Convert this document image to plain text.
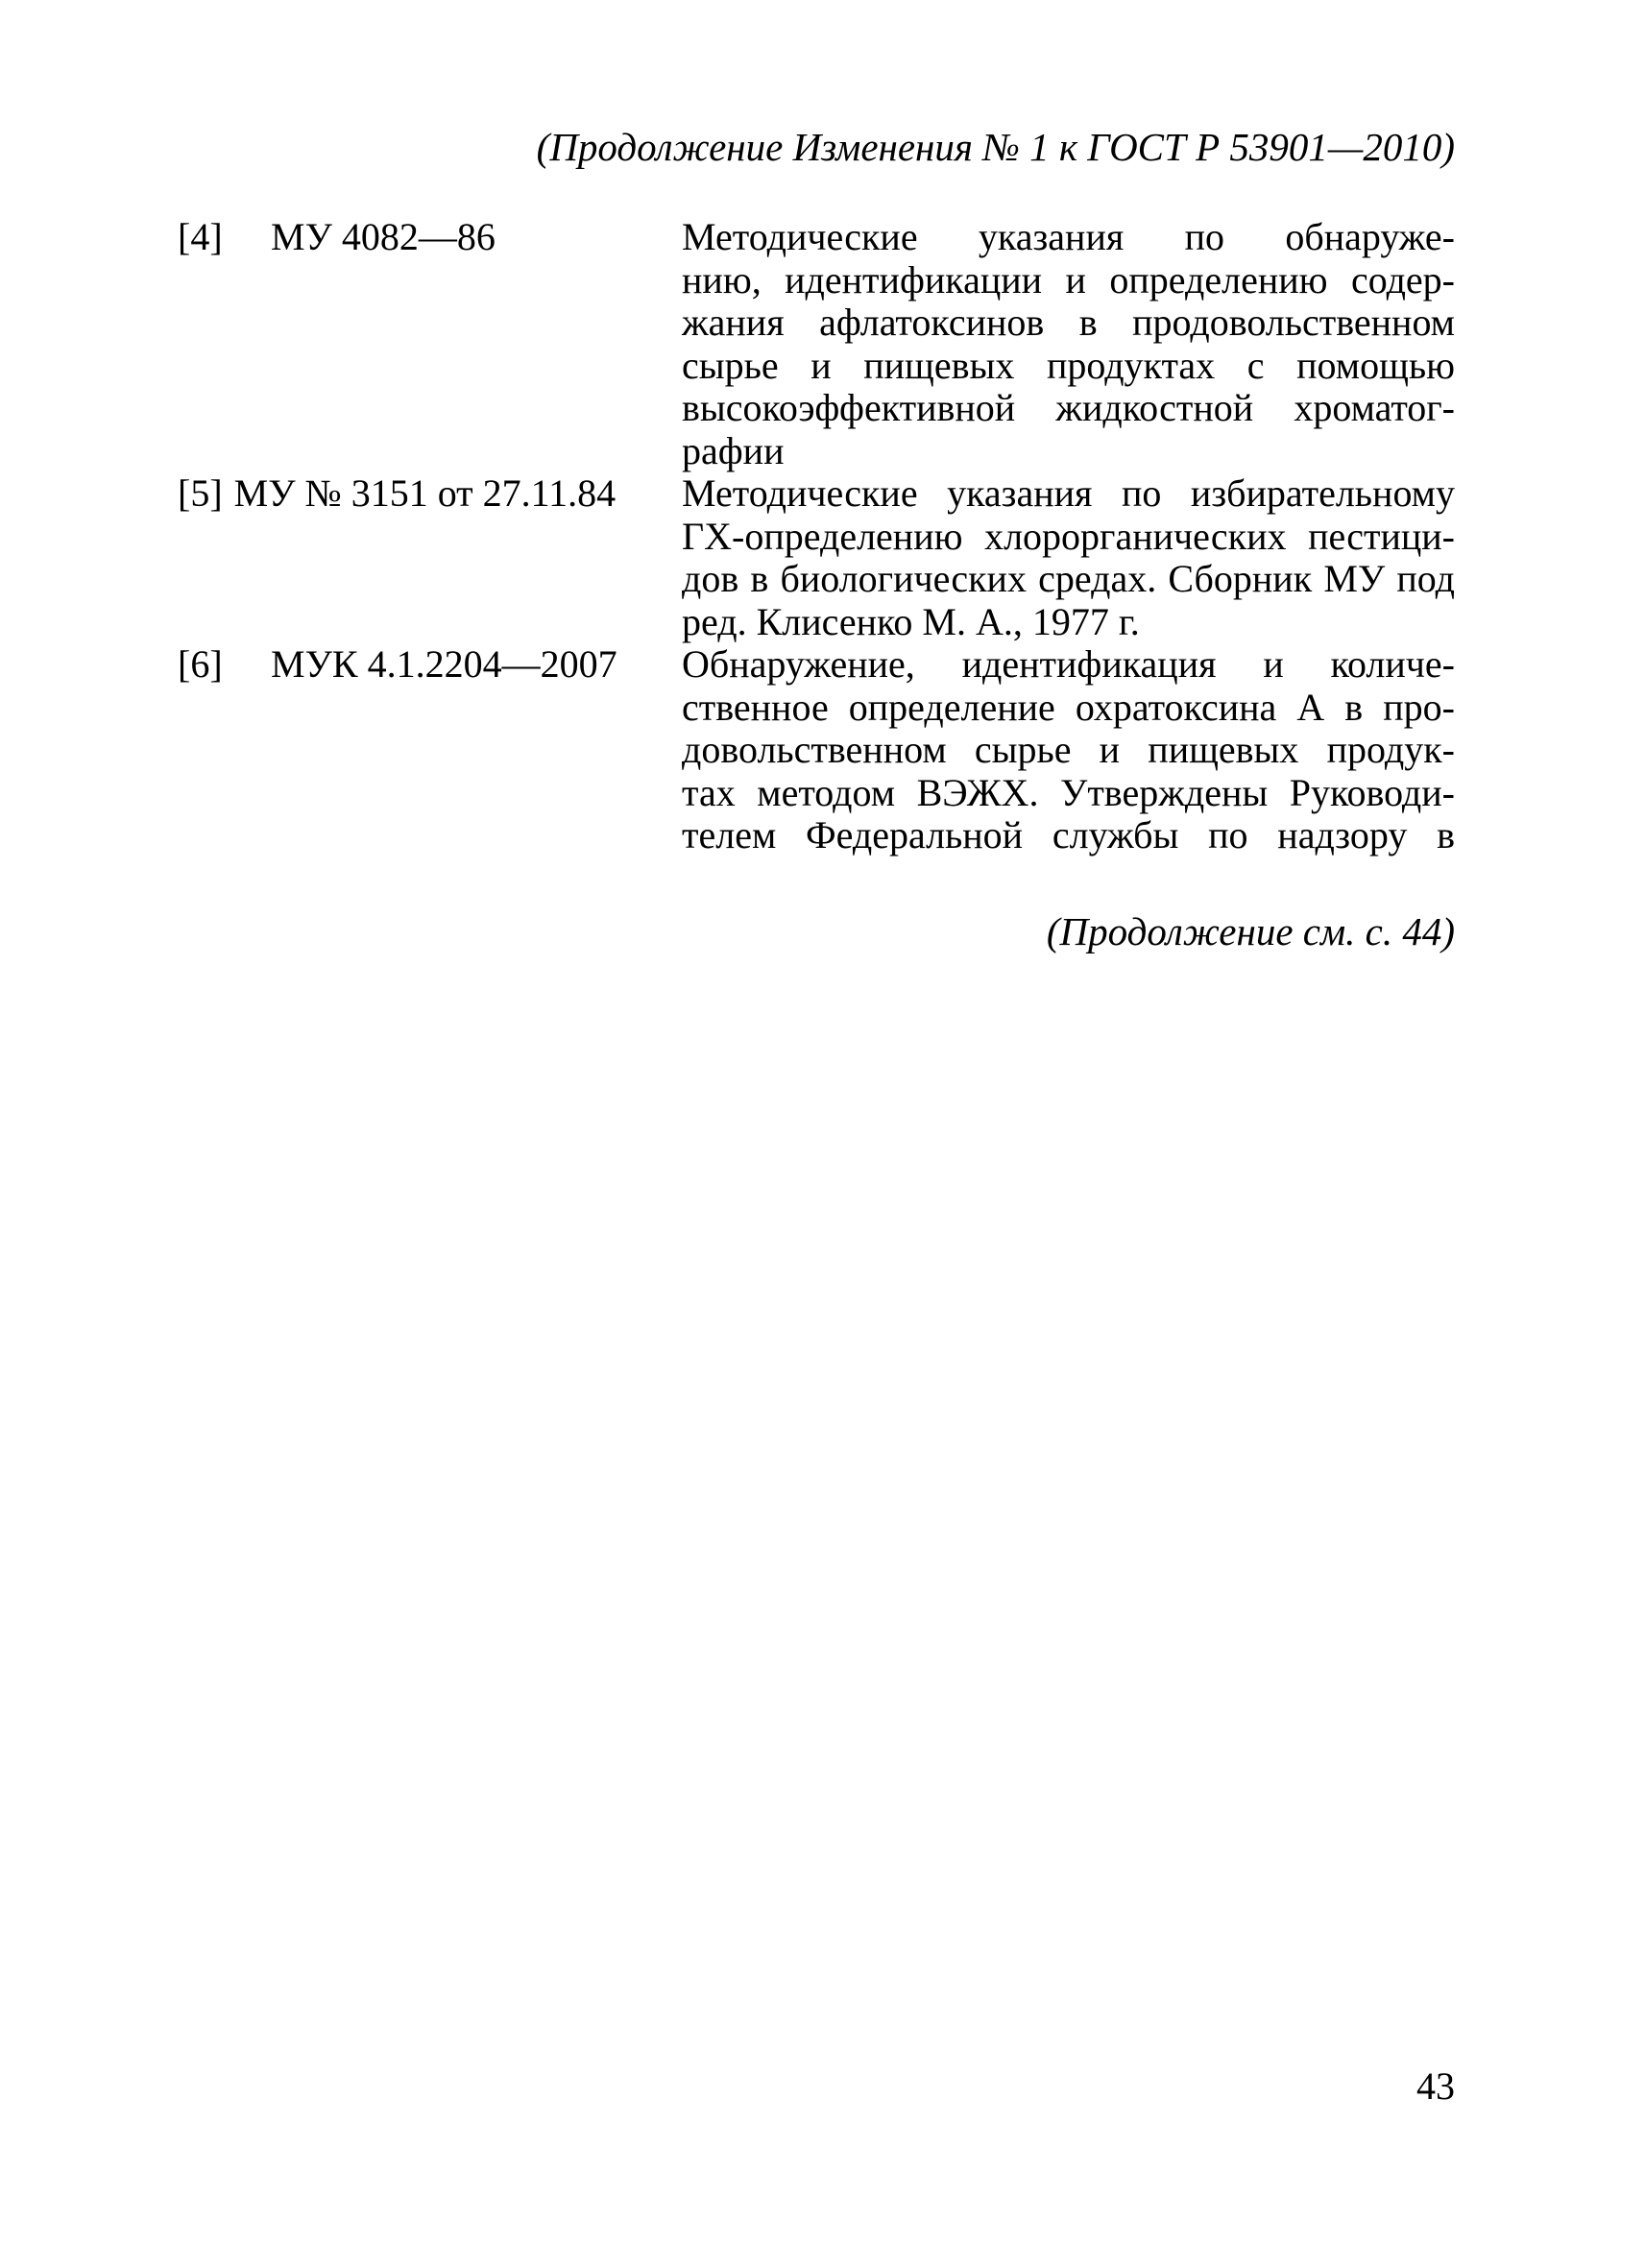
(Продолжение Изменения № 1 к ГОСТ Р 53901—2010)
[4] МУ 4082—86	Методические указания по обнаруже-
нию, идентификации и определению содер-
жания афлатоксинов в продовольственном
сырье и пищевых продуктах с помощью
высокоэффективной жидкостной хроматог-
рафии
[5] МУ № 3151 от 27.11.84	Методические указания по избирательному
ГХ-определению хлорорганических пестици-
дов в биологических средах. Сборник МУ под
ред. Клисенко М. А., 1977 г.
[6] МУК 4.1.2204—2007	Обнаружение, идентификация и количе-
ственное определение охратоксина А в про-
довольственном сырье и пищевых продук-
тах методом ВЭЖХ. Утверждены Руководи-
телем Федеральной службы по надзору в
(Продолжение см. с. 44)
43
